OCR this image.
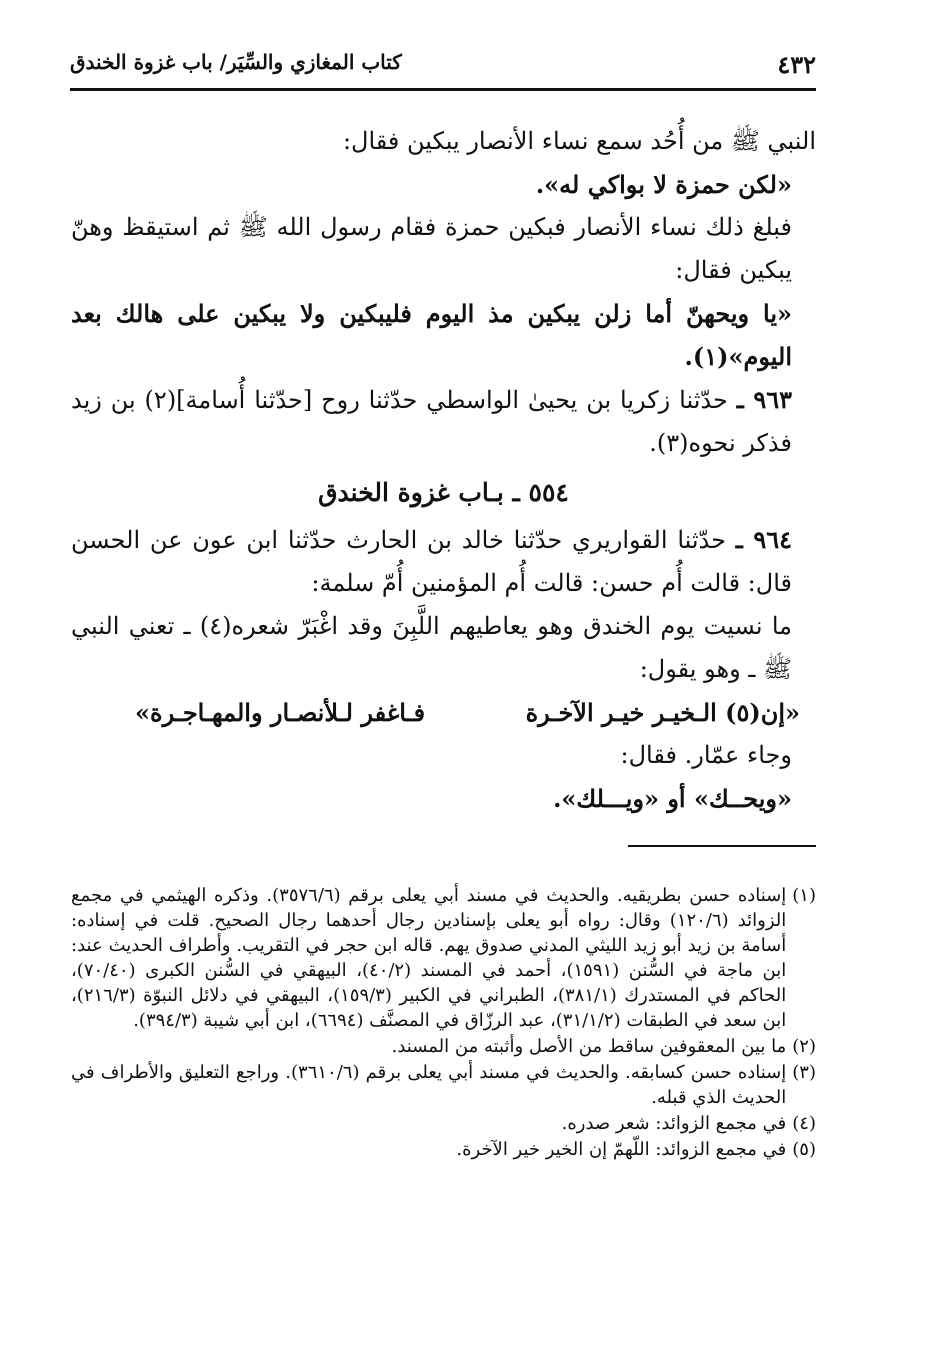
٤٣٢
كتاب المغازي والسِّيَر/ باب غزوة الخندق

النبي ﷺ من أُحُد سمع نساء الأنصار يبكين فقال:

«لكن حمزة لا بواكي له».

فبلغ ذلك نساء الأنصار فبكين حمزة فقام رسول الله ﷺ ثم استيقظ وهنّ يبكين فقال:

«يا ويحهنّ أما زلن يبكين مذ اليوم فليبكين ولا يبكين على هالك بعد اليوم»(١).

٩٦٣ ـ حدّثنا زكريا بن يحيىٰ الواسطي حدّثنا روح [حدّثنا أُسامة](٢) بن زيد فذكر نحوه(٣).

٥٥٤ ـ بـاب غزوة الخندق

٩٦٤ ـ حدّثنا القواريري حدّثنا خالد بن الحارث حدّثنا ابن عون عن الحسن قال: قالت أُم حسن: قالت أُم المؤمنين أُمّ سلمة:

ما نسيت يوم الخندق وهو يعاطيهم اللَّبِنَ وقد اغْبَرّ شعره(٤) ـ تعني النبي ﷺ ـ وهو يقول:

«إن(٥) الـخيـر خيـر الآخـرة
فـاغفر لـلأنصـار والمهـاجـرة»

وجاء عمّار. فقال:

«ويحــك» أو «ويـــلك».

(١)
إسناده حسن بطريقيه. والحديث في مسند أبي يعلى برقم (٣٥٧٦/٦). وذكره الهيثمي في مجمع الزوائد (١٢٠/٦) وقال: رواه أبو يعلى بإسنادين رجال أحدهما رجال الصحيح. قلت في إسناده: أسامة بن زيد أبو زيد الليثي المدني صدوق يهم. قاله ابن حجر في التقريب. وأطراف الحديث عند: ابن ماجة في السُّنن (١٥٩١)، أحمد في المسند (٤٠/٢)، البيهقي في السُّنن الكبرى (٧٠/٤٠)، الحاكم في المستدرك (٣٨١/١)، الطبراني في الكبير (١٥٩/٣)، البيهقي في دلائل النبوّة (٢١٦/٣)، ابن سعد في الطبقات (٣١/١/٢)، عبد الرزّاق في المصنَّف (٦٦٩٤)، ابن أبي شيبة (٣٩٤/٣).
(٢)
ما بين المعقوفين ساقط من الأصل وأثبته من المسند.
(٣)
إسناده حسن كسابقه. والحديث في مسند أبي يعلى برقم (٣٦١٠/٦). وراجع التعليق والأطراف في الحديث الذي قبله.
(٤)
في مجمع الزوائد: شعر صدره.
(٥)
في مجمع الزوائد: اللّهمّ إن الخير خير الآخرة.
